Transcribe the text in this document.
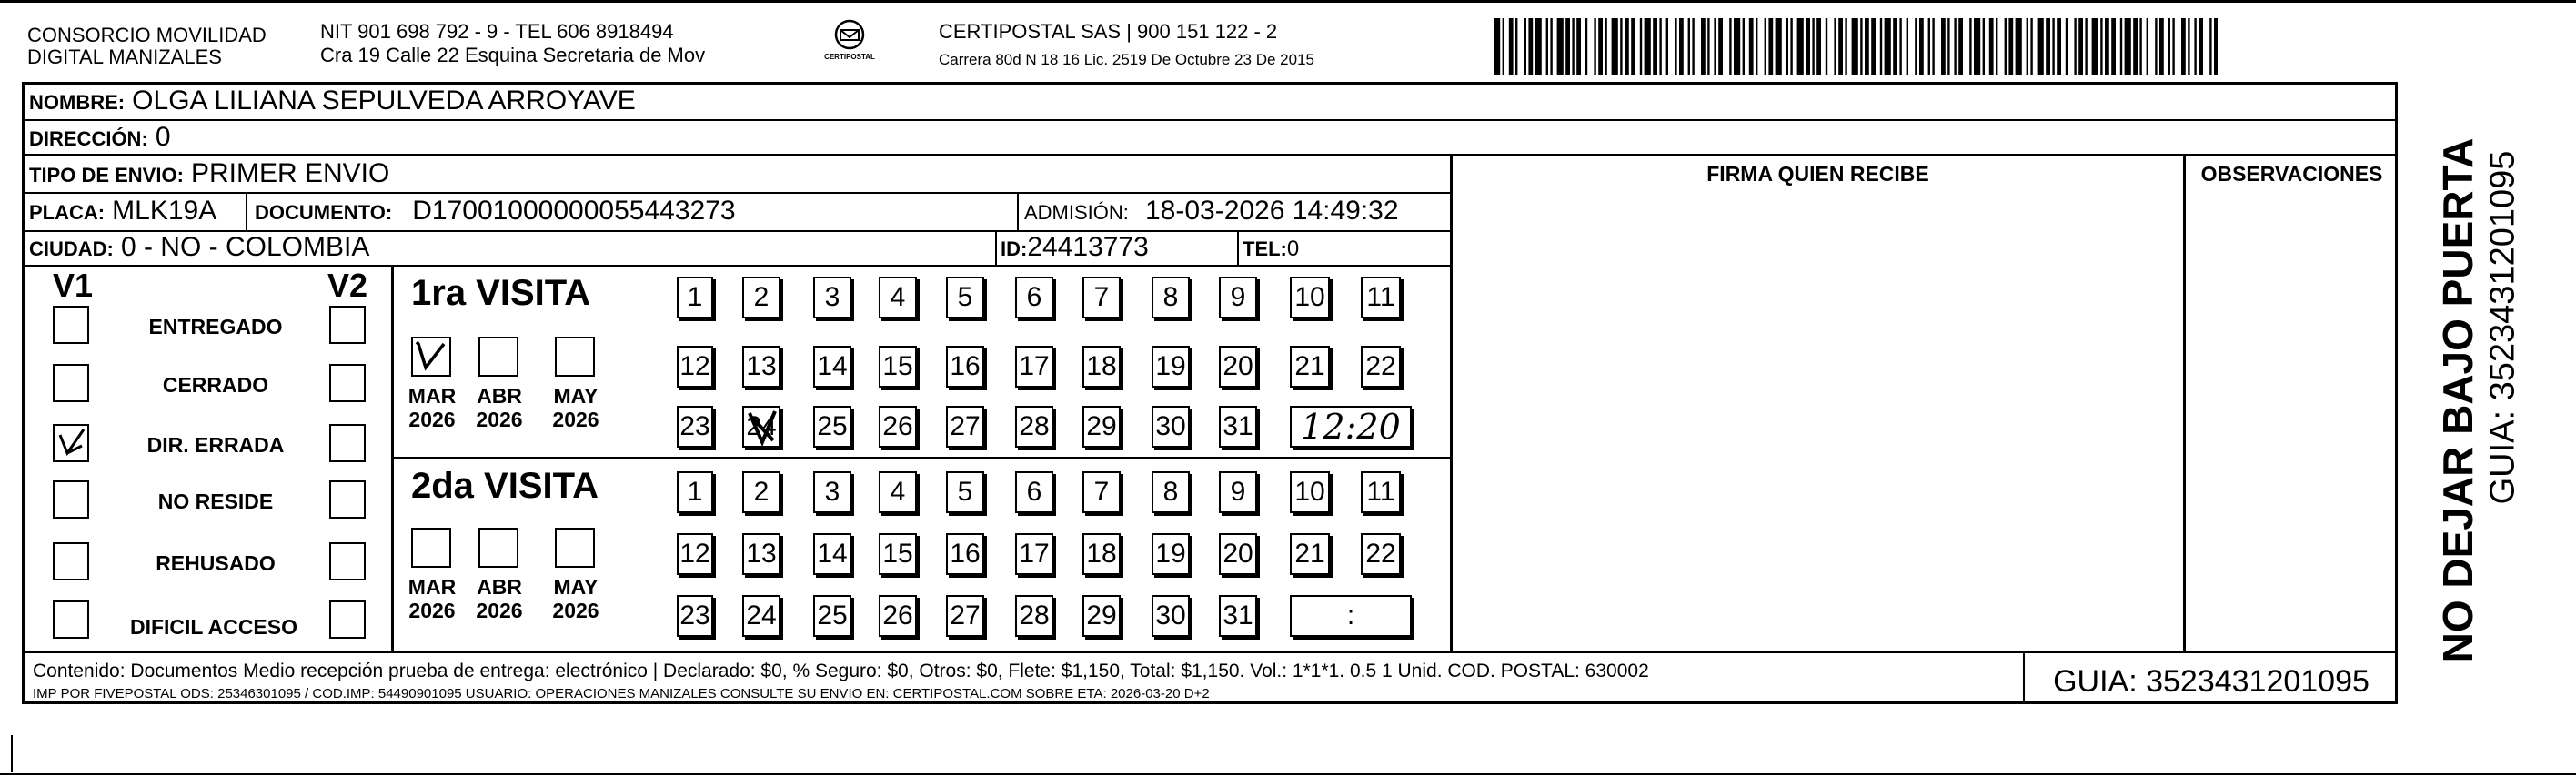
CONSORCIO MOVILIDAD
DIGITAL MANIZALES
NIT 901 698 792 - 9 - TEL 606 8918494
Cra 19 Calle 22 Esquina Secretaria de Mov	CERTIPOSTAL
CERTIPOSTAL SAS | 900 151 122 - 2
Carrera 80d N 18 16 Lic. 2519 De Octubre 23 De 2015
NOMBRE: OLGA LILIANA SEPULVEDA ARROYAVE
DIRECCIÓN: 0
TIPO DE ENVIO: PRIMER ENVIO	FIRMA QUIEN RECIBE	OBSERVACIONES
PLACA: MLK19A DOCUMENTO: D17001000000055443273	ADMISIÓN: 18-03-2026 14:49:32
CIUDAD: 0 - NO - COLOMBIA	ID:24413773	TEL:0
V1	V2
ENTREGADO
CERRADO
DIR. ERRADA
NO RESIDE
REHUSADO
DIFICIL ACCESO
1ra VISITA
2da VISITA
MAR
2026
ABR
2026
MAY
2026
MAR
2026
ABR
2026
MAY
2026
1	2	3	4	5	6	7	8	9	10 11
12 13 14 15 16 17 18 19 20 21 22
23 24 25 26 27 28 29 30 31	12:20
1	2	3	4	5	6	7	8	9	10 11
12 13 14 15 16 17 18 19 20 21 22
23 24 25 26 27 28 29 30 31	:	NO DEJAR BAJO PUERTA GUIA: 3523431201095
Contenido: Documentos Medio recepción prueba de entrega: electrónico | Declarado: $0, % Seguro: $0, Otros: $0, Flete: $1,150, Total: $1,150. Vol.: 1*1*1. 0.5 1 Unid. COD. POSTAL: 630002
IMP POR FIVEPOSTAL ODS: 25346301095 / COD.IMP: 54490901095 USUARIO: OPERACIONES MANIZALES CONSULTE SU ENVIO EN: CERTIPOSTAL.COM SOBRE ETA: 2026-03-20 D+2	GUIA: 3523431201095
